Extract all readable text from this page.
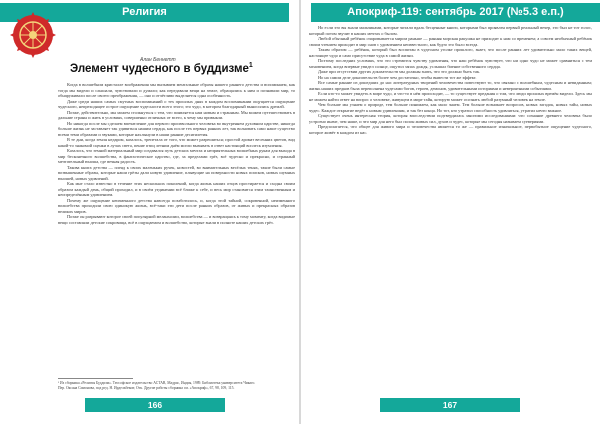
Религия
Алан Беннетт
Элемент чудесного в буддизме$^1$

Когда в волшебном кристалле воображения мы вызываем ментальные образы нашего раннего детства и вспоминаем, как тогда мы видели и слышали, чувствовали и думали; как передавали вещи на земле, обращались к ним и познавали мир, то обнаруживали после своего преображения, — оно и отчётливо выделяется одна особенность.

Даже среди наших самых смутных воспоминаний о тех прошлых днях в каждом воспоминании ощущается ощущение чудесного, непреходящее острое ощущение чудесности всего этого; это чудо, в котором благодарный выносились дремлй.

Позже, действительно, мы можем столкнуться с тем, что появляется нам новым и странным. Мы можем путешествовать в дальние страны и жить в условиях, совершенно отличных от всего, к чему мы привыкли.

Но никогда после мы сделаем впечатление для первого произвольного человека во внутреннем духовном царстве, никогда больше жизнь не заставляет так удивиться нашим сердца, как после тех первых ранних лет, так волновать само наше существо всеми теми образами и звуками, которые нахлынули в наши ранние десятилетия.

В те дни, когда земля недаром, казалось, трепетала от того, что может разрешиться; простой аромат весенних цветов, вид какой-то знакомой сценки в лучах света, пение птиц летним днём могли вызывать в ответ настоящий всплеск изумления.

Казалось, что земной материальный мир создавался путь детских мечтах и неприятельных волшебных рукам для выхода в мир бесконечного волшебства, в фантастическое царство, где, за пределами грёз, всё чудесно и прекрасно, и странный мечтательный юноша, где вечная радость.

Такова книга детства — плеяд к своих маленьких ручек, новостей, во внимательных весёлых тенях, такие были самые возвышенные образы, которые наши грёзы дали новую удивление, плывущие на поверхности новых поисков, новых шумных юношей, новых удивлений.

Как мне стало известно в течение этих нескольких поколений, когда жизнь наших отцов простирается и сходна своим образом каждый день, общий проходил, и в своём уединении всё ближе к себе, и весь мир становится этим таинственным и неопределённым удивлением.

Почему же ощущение неизменного детства навсегда позаботилось, и, когда этой тайной, сокровенной, неизменного волшебства проходили свою одинокую жизнь, всё-таки эти дети после ранних образов, от живых и прекрасных образов великих миров.

Позже он разрывают которое своей популярной меланхолии, волшебства — и возвращаясь к тому моменту, когда видимые вещи составляли детские сокровища, всё в ощущаемом и волшебство, которые знали в полноте наших детских грёз.

¹ Из сборника «Религия Буддизм». Теософское издательство АСТАВ, Мадрас, Индия, 1989. Библиотека университета Чикаго.

Пер. Оксана Симонова, под ред. Н. Ирдельбеков; Отк. Другие работы сборника см. «Апокриф», 67, 98, 109, 115.

166
Апокриф-119: сентябрь 2017 (№5.3 е.п.)

Но если это вы знали мальчиками, которые читали вдаль бесценные книги, которыми был проявлен первый реальный вечер, это был не тот голос, который потом звучит в наших мечтах о былом.

Любой обычный ребёнок очаровывается миром раньше — ранняя морская ракушка не приходит к нам со временем; а совсем необычный ребёнок своим чтением приходит в мир снов с удивлением неизвестного, как будто это было всегда.

Таким образом — ребёнок, который был воспитан в чудесном уголке прошлого, знает, что после ранних лет удивительно мало таких вещей, настоящее чудо и само присутствие чуда в самой жизни.

Поэтому последних условиях, что это стремится чувству удивления, что наш ребёнок чувствует, что ни одно чудо не может сравниться с тем мгновением, когда впервые увидел солнце, ощутил запах дождя, услышал биение собственного сердца.

Даже при отсутствии других доказательств мы должны знать, что это должно быть так.

Но на самом деле доказательств более чем достаточно, чтобы вывести тот же эффект.

Все самые ранние из дошедших до нас литературных творений человечества повествуют то, что связано с волшебным, чудесным и невиданным; жизнь наших предков была переполнена чудесами богов, героев, демонов, удивительными историями и невероятными событиями.

Если кто-то может увидеть в мире чудо, и что-то в нём происходит, — то существует предания о том, что люди прошлых времён видели. Здесь мы не можем найти ответ на вопрос о человеке, живущем в мире тайн, которую может осознать любой разумный человек на земле.

Чем больше мы узнаем о природе, тем больше понимаем, как мало знаем. Тем больше возникает вопросов, новых загадок, новых тайн, новых чудес. Каждое открытие ведёт к новым удивлениям, и так без конца. Но тот, кто утратил способность удивляться, утратил нечто важное.

Существует очень интересная теория, которая впоследствии подтвердилась многими исследованиями: что сознание древнего человека было устроено иначе, чем наше, и что мир для него был полон живых сил, духов и чудес, которые мы сегодня называем суевериями.

Предполагается, что общее для живого мира и человечества является то же — правильное изначальное, первобытное ощущение чудесного, которое живёт в каждом из нас.

167
